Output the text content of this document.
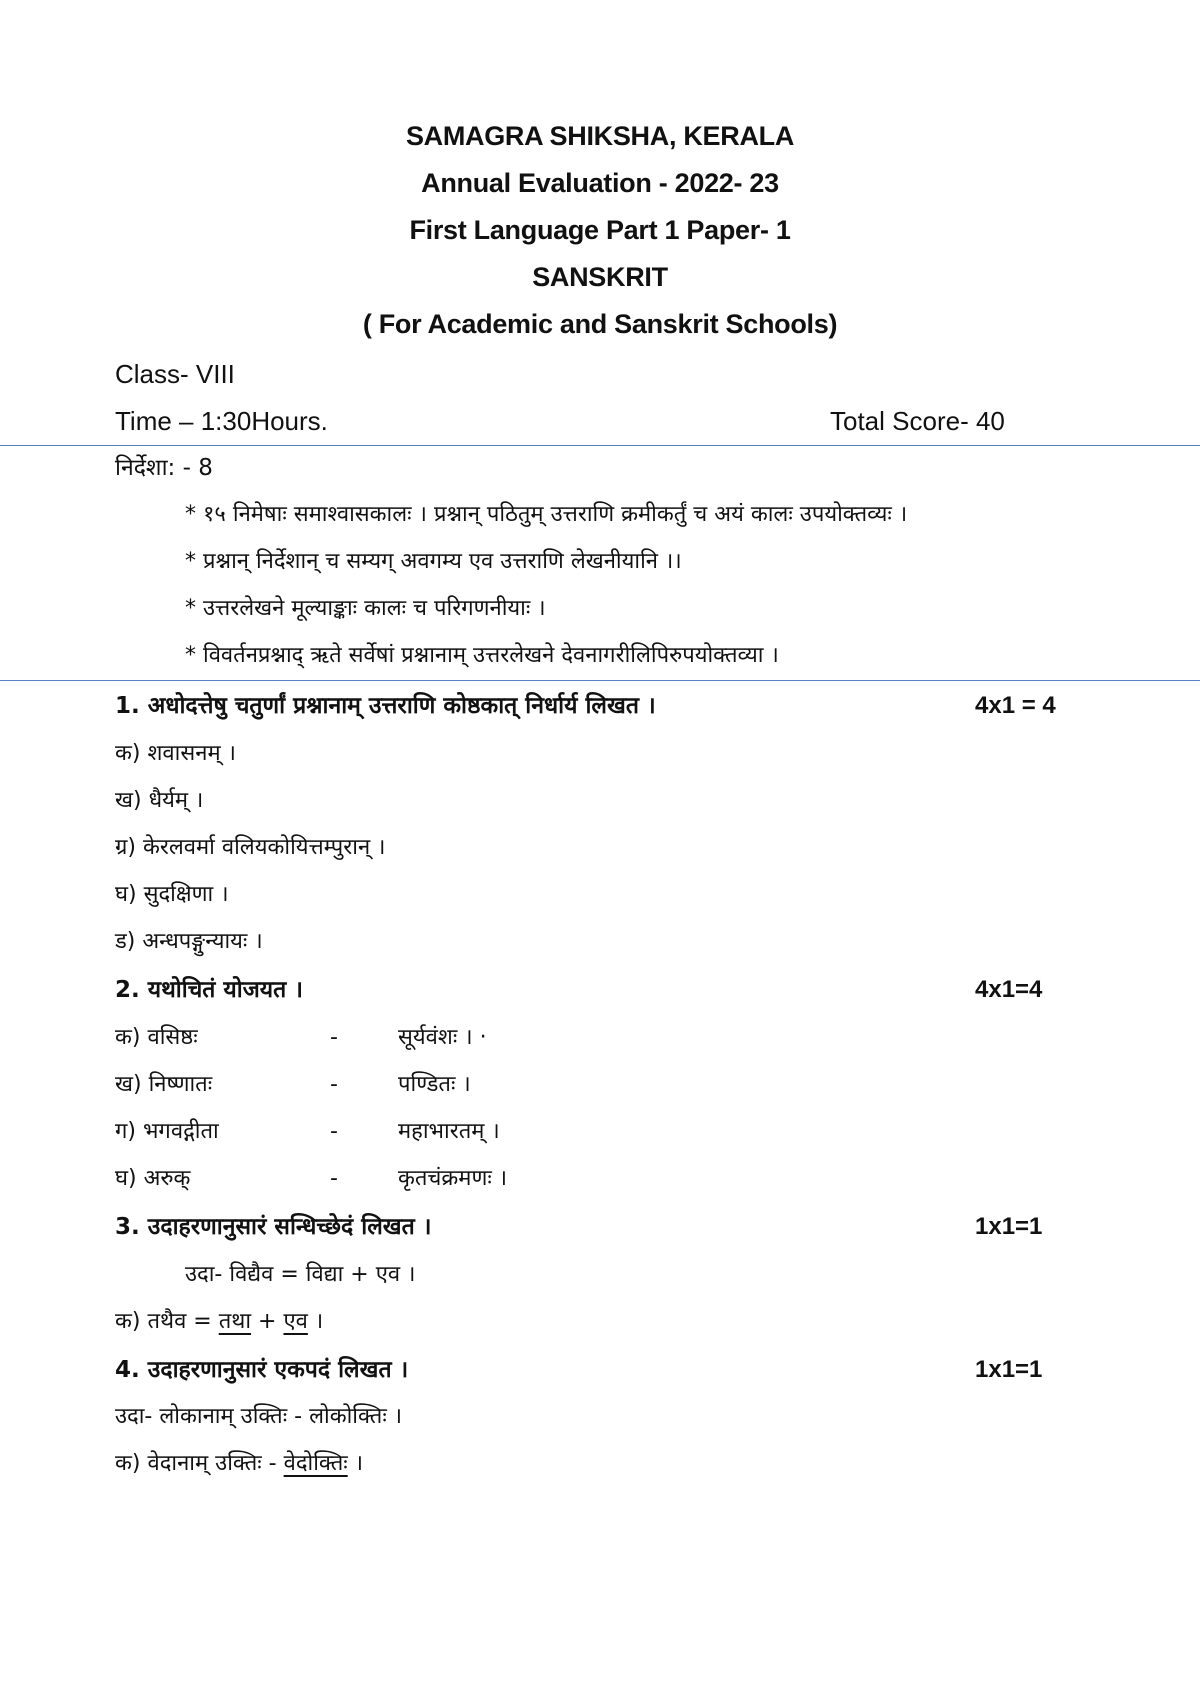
SAMAGRA SHIKSHA, KERALA
Annual Evaluation - 2022- 23
First Language Part 1 Paper- 1
SANSKRIT
( For Academic and Sanskrit Schools)
Class- VIII
Time – 1:30Hours.	Total Score- 40
निर्देशा: - 8
* १५ निमेषाः समाश्वासकालः । प्रश्नान् पठितुम् उत्तराणि क्रमीकर्तुं च अयं कालः उपयोक्तव्यः ।
* प्रश्नान् निर्देशान् च सम्यग् अवगम्य एव उत्तराणि लेखनीयानि ।।
* उत्तरलेखने मूल्याङ्काः कालः च परिगणनीयाः ।
* विवर्तनप्रश्नाद् ऋते सर्वेषां प्रश्नानाम् उत्तरलेखने देवनागरीलिपिरुपयोक्तव्या ।
1. अधोदत्तेषु चतुर्णां प्रश्नानाम् उत्तराणि कोष्ठकात् निर्धार्य लिखत ।	4x1 = 4
क) शवासनम् ।
ख) धैर्यम् ।
ग्र) केरलवर्मा वलियकोयित्तम्पुरान् ।
घ) सुदक्षिणा ।
ड) अन्धपङ्गुन्यायः ।
2. यथोचितं योजयत ।	4x1=4
क) वसिष्ठः	-	सूर्यवंशः । ·
ख) निष्णातः	-	पण्डितः ।
ग) भगवद्गीता	-	महाभारतम् ।
घ) अरुक्	-	कृतचंक्रमणः ।
3. उदाहरणानुसारं सन्धिच्छेदं लिखत ।	1x1=1
उदा- विद्यैव = विद्या + एव ।
क) तथैव = तथा + एव ।
4. उदाहरणानुसारं एकपदं लिखत ।	1x1=1
उदा- लोकानाम् उक्तिः - लोकोक्तिः ।
क) वेदानाम् उक्तिः - वेदोक्तिः ।
